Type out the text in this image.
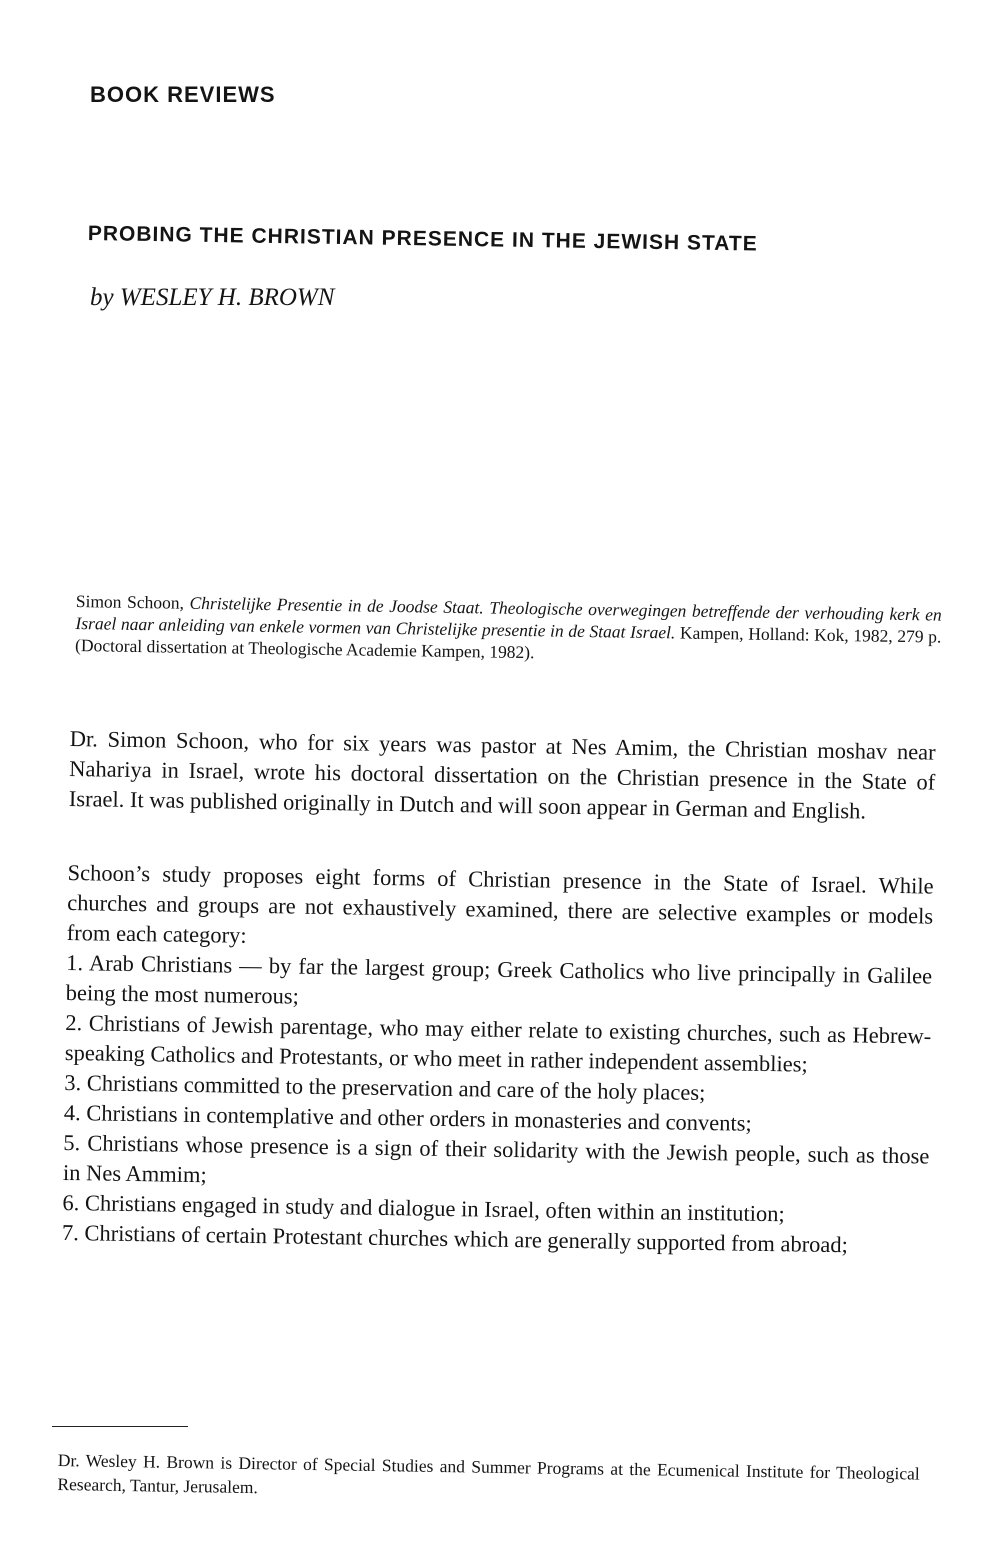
BOOK REVIEWS
PROBING THE CHRISTIAN PRESENCE IN THE JEWISH STATE
by WESLEY H. BROWN

Simon Schoon, Christelijke Presentie in de Joodse Staat. Theologische overwegingen betreffende der verhouding kerk en Israel naar anleiding van enkele vormen van Christelijke presentie in de Staat Israel. Kampen, Holland: Kok, 1982, 279 p. (Doctoral dissertation at Theologische Academie Kampen, 1982).

Dr. Simon Schoon, who for six years was pastor at Nes Amim, the Christian moshav near Nahariya in Israel, wrote his doctoral dissertation on the Christian presence in the State of Israel. It was published originally in Dutch and will soon appear in German and English.

Schoon’s study proposes eight forms of Christian presence in the State of Israel. While churches and groups are not exhaustively examined, there are selective examples or models from each category:

1. Arab Christians — by far the largest group; Greek Catholics who live principally in Galilee being the most numerous;
2. Christians of Jewish parentage, who may either relate to existing churches, such as Hebrew-speaking Catholics and Protestants, or who meet in rather independent assemblies;
3. Christians committed to the preservation and care of the holy places;
4. Christians in contemplative and other orders in monasteries and convents;
5. Christians whose presence is a sign of their solidarity with the Jewish people, such as those in Nes Ammim;
6. Christians engaged in study and dialogue in Israel, often within an institution;
7. Christians of certain Protestant churches which are generally supported from abroad;

Dr. Wesley H. Brown is Director of Special Studies and Summer Programs at the Ecumenical Institute for Theological Research, Tantur, Jerusalem.
